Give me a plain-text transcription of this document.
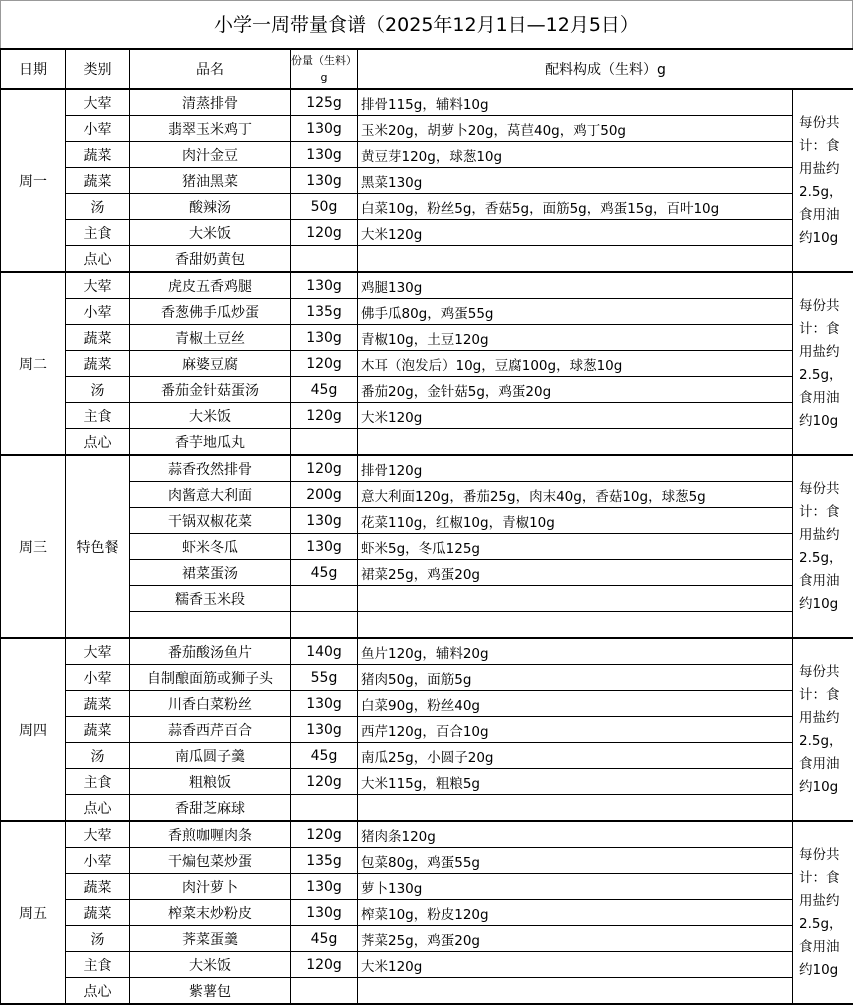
小学一周带量食谱（2025年12月1日—12月5日）
日期	类别	品名	份量（生料）g	配料构成（生料）g	
周一	大荤	清蒸排骨	125g	排骨115g，辅料10g	每份共计：食用盐约2.5g，食用油约10g
	小荤	翡翠玉米鸡丁	130g	玉米20g，胡萝卜20g，莴苣40g，鸡丁50g	
	蔬菜	肉汁金豆	130g	黄豆芽120g，球葱10g	
	蔬菜	猪油黑菜	130g	黑菜130g	
	汤	酸辣汤	50g	白菜10g，粉丝5g，香菇5g，面筋5g，鸡蛋15g，百叶10g	
	主食	大米饭	120g	大米120g	
	点心	香甜奶黄包			
周二	大荤	虎皮五香鸡腿	130g	鸡腿130g	每份共计：食用盐约2.5g，食用油约10g
	小荤	香葱佛手瓜炒蛋	135g	佛手瓜80g，鸡蛋55g	
	蔬菜	青椒土豆丝	130g	青椒10g，土豆120g	
	蔬菜	麻婆豆腐	120g	木耳（泡发后）10g，豆腐100g，球葱10g	
	汤	番茄金针菇蛋汤	45g	番茄20g，金针菇5g，鸡蛋20g	
	主食	大米饭	120g	大米120g	
	点心	香芋地瓜丸			
周三	特色餐	蒜香孜然排骨	120g	排骨120g	每份共计：食用盐约2.5g，食用油约10g
		肉酱意大利面	200g	意大利面120g，番茄25g，肉末40g，香菇10g，球葱5g	
		干锅双椒花菜	130g	花菜110g，红椒10g，青椒10g	
		虾米冬瓜	130g	虾米5g，冬瓜125g	
		裙菜蛋汤	45g	裙菜25g，鸡蛋20g	
		糯香玉米段			

周四	大荤	番茄酸汤鱼片	140g	鱼片120g，辅料20g	每份共计：食用盐约2.5g，食用油约10g
	小荤	自制酿面筋或狮子头	55g	猪肉50g，面筋5g	
	蔬菜	川香白菜粉丝	130g	白菜90g，粉丝40g	
	蔬菜	蒜香西芹百合	130g	西芹120g，百合10g	
	汤	南瓜圆子羹	45g	南瓜25g，小圆子20g	
	主食	粗粮饭	120g	大米115g，粗粮5g	
	点心	香甜芝麻球			
周五	大荤	香煎咖喱肉条	120g	猪肉条120g	每份共计：食用盐约2.5g，食用油约10g
	小荤	干煸包菜炒蛋	135g	包菜80g，鸡蛋55g	
	蔬菜	肉汁萝卜	130g	萝卜130g	
	蔬菜	榨菜末炒粉皮	130g	榨菜10g，粉皮120g	
	汤	荠菜蛋羹	45g	荠菜25g，鸡蛋20g	
	主食	大米饭	120g	大米120g	
	点心	紫薯包			
